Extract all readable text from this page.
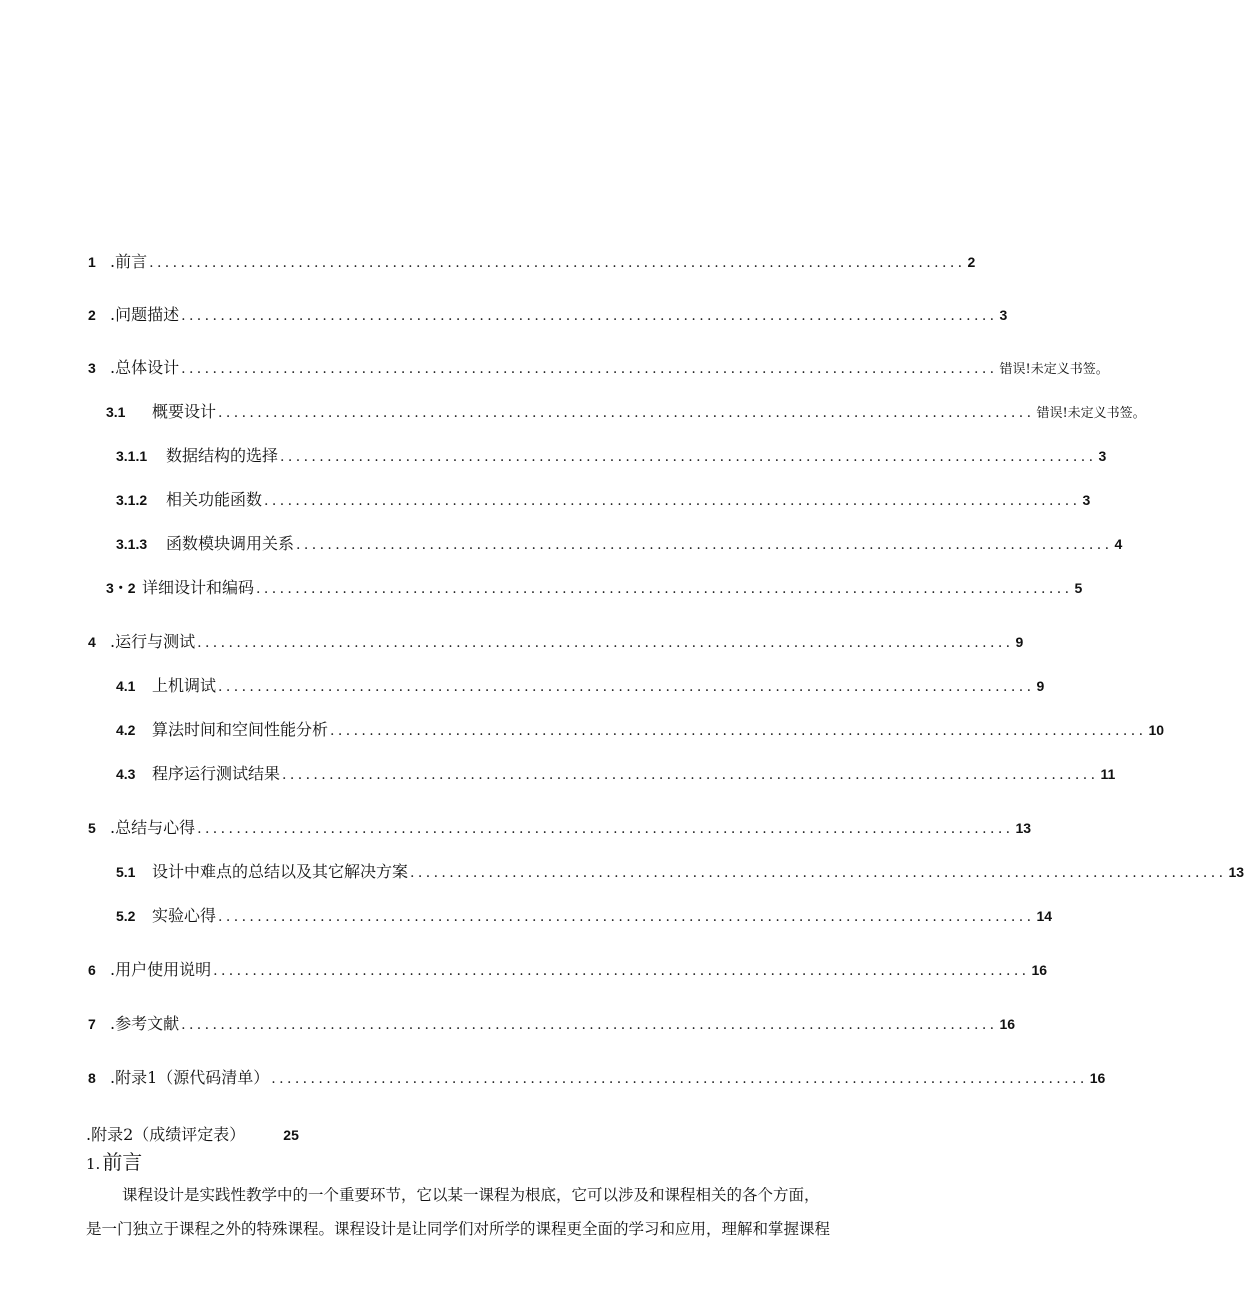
1 .前言 ........................................................................................................ 2
2 .问题描述 ........................................................................................................ 3
3 .总体设计 ........................................................................................................ 错误!未定义书签。
3.1	概要设计 ........................................................................................................ 错误!未定义书签。
3.1.1	数据结构的选择 ........................................................................................................ 3
3.1.2	相关功能函数 ........................................................................................................ 3
3.1.3	函数模块调用关系 ........................................................................................................ 4
3・2 详细设计和编码 ........................................................................................................ 5
4 .运行与测试 ........................................................................................................ 9
4.1	上机调试 ........................................................................................................ 9
4.2	算法时间和空间性能分析 ........................................................................................................ 10
4.3	程序运行测试结果 ........................................................................................................ 11
5 .总结与心得 ........................................................................................................ 13
5.1	设计中难点的总结以及其它解决方案 ........................................................................................................ 13
5.2	实验心得 ........................................................................................................ 14
6 .用户使用说明 ........................................................................................................ 16
7 .参考文献 ........................................................................................................ 16
8 .附录1（源代码清单） ........................................................................................................ 16
.附录2（成绩评定表）	25
1. 前言
课程设计是实践性教学中的一个重要环节，它以某一课程为根底，它可以涉及和课程相关的各个方面，
是一门独立于课程之外的特殊课程。课程设计是让同学们对所学的课程更全面的学习和应用，理解和掌握课程
